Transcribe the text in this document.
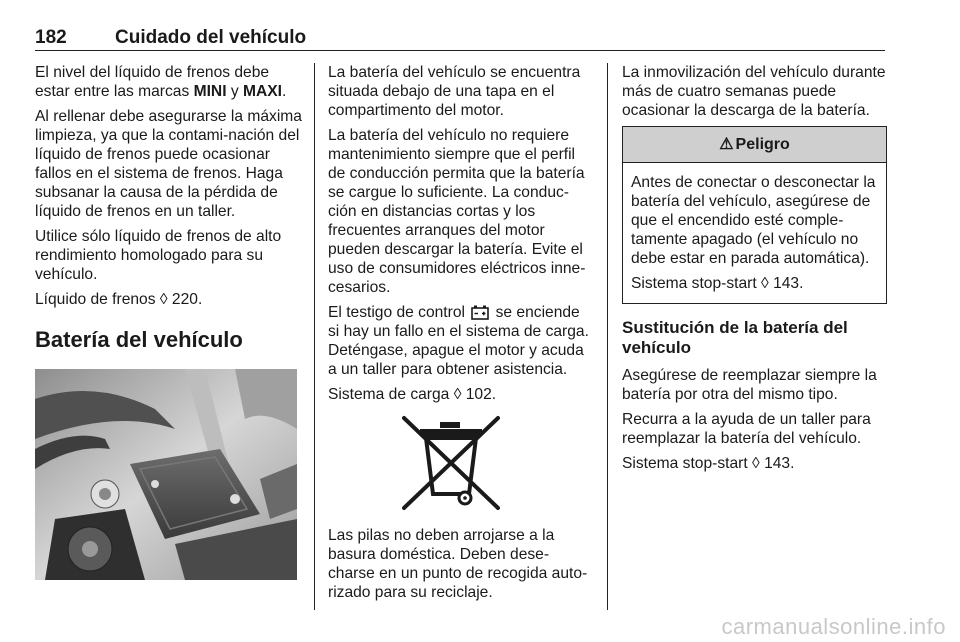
182	Cuidado del vehículo

El nivel del líquido de frenos debe estar entre las marcas MINI y MAXI.

Al rellenar debe asegurarse la máxima limpieza, ya que la contami-nación del líquido de frenos puede ocasionar fallos en el sistema de frenos. Haga subsanar la causa de la pérdida de líquido de frenos en un taller.

Utilice sólo líquido de frenos de alto rendimiento homologado para su vehículo.

Líquido de frenos ◊ 220.

Batería del vehículo

La batería del vehículo se encuentra situada debajo de una tapa en el compartimento del motor.

La batería del vehículo no requiere mantenimiento siempre que el perfil de conducción permita que la batería se cargue lo suficiente. La conduc-ción en distancias cortas y los frecuentes arranques del motor pueden descargar la batería. Evite el uso de consumidores eléctricos inne-cesarios.

El testigo de control  se enciende si hay un fallo en el sistema de carga. Deténgase, apague el motor y acuda a un taller para obtener asistencia.

Sistema de carga ◊ 102.

Las pilas no deben arrojarse a la basura doméstica. Deben dese-charse en un punto de recogida auto-rizado para su reciclaje.

La inmovilización del vehículo durante más de cuatro semanas puede ocasionar la descarga de la batería.

⚠ Peligro

Antes de conectar o desconectar la batería del vehículo, asegúrese de que el encendido esté comple-tamente apagado (el vehículo no debe estar en parada automática).

Sistema stop-start ◊ 143.

Sustitución de la batería del vehículo

Asegúrese de reemplazar siempre la batería por otra del mismo tipo.

Recurra a la ayuda de un taller para reemplazar la batería del vehículo.

Sistema stop-start ◊ 143.

carmanualsonline.info
